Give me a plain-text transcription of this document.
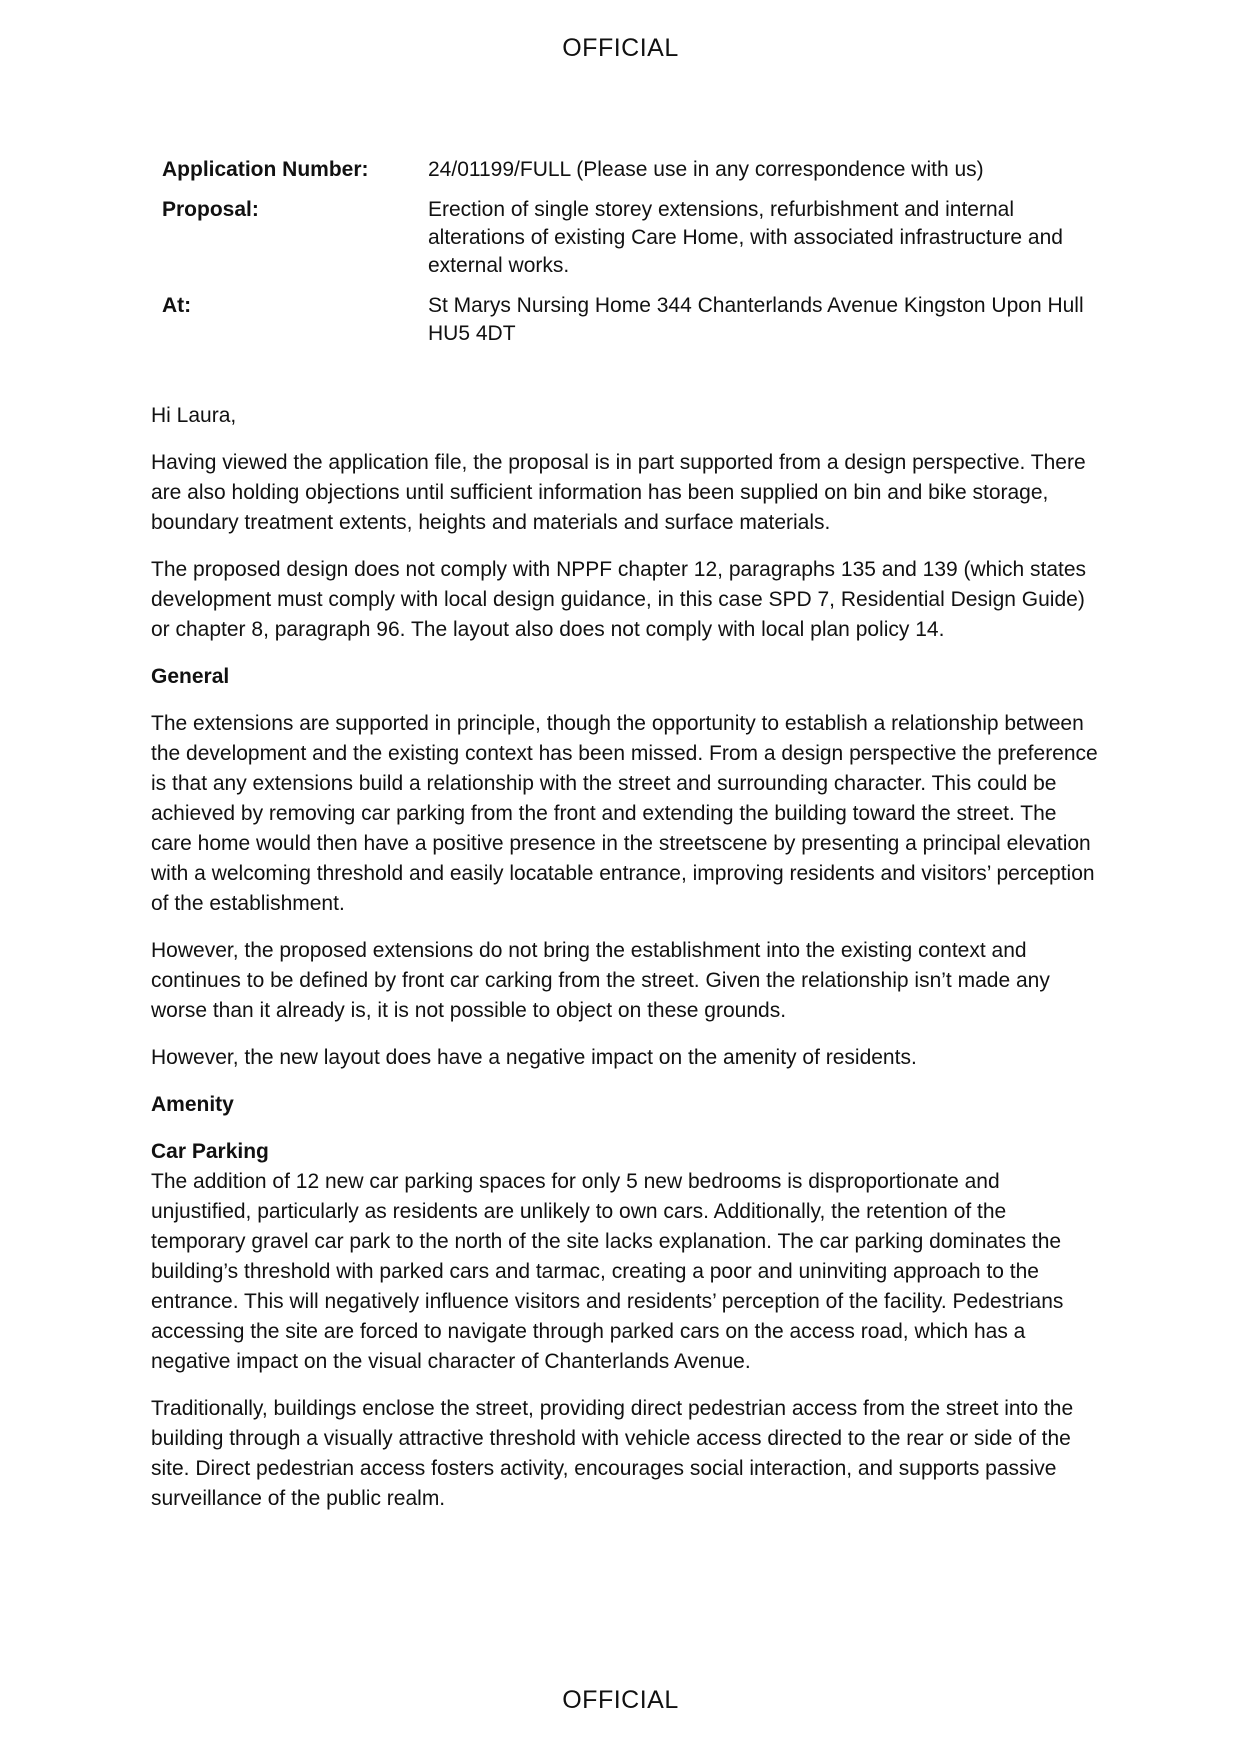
OFFICIAL
Application Number:	24/01199/FULL (Please use in any correspondence with us)
Proposal:	Erection of single storey extensions, refurbishment and internal alterations of existing Care Home, with associated infrastructure and external works.
At:	St Marys Nursing Home 344 Chanterlands Avenue Kingston Upon Hull HU5 4DT

Hi Laura,

Having viewed the application file, the proposal is in part supported from a design perspective. There are also holding objections until sufficient information has been supplied on bin and bike storage, boundary treatment extents, heights and materials and surface materials.

The proposed design does not comply with NPPF chapter 12, paragraphs 135 and 139 (which states development must comply with local design guidance, in this case SPD 7, Residential Design Guide) or chapter 8, paragraph 96. The layout also does not comply with local plan policy 14.

General

The extensions are supported in principle, though the opportunity to establish a relationship between the development and the existing context has been missed. From a design perspective the preference is that any extensions build a relationship with the street and surrounding character. This could be achieved by removing car parking from the front and extending the building toward the street. The care home would then have a positive presence in the streetscene by presenting a principal elevation with a welcoming threshold and easily locatable entrance, improving residents and visitors’ perception of the establishment.

However, the proposed extensions do not bring the establishment into the existing context and continues to be defined by front car carking from the street. Given the relationship isn’t made any worse than it already is, it is not possible to object on these grounds.

However, the new layout does have a negative impact on the amenity of residents.

Amenity

Car Parking

The addition of 12 new car parking spaces for only 5 new bedrooms is disproportionate and unjustified, particularly as residents are unlikely to own cars. Additionally, the retention of the temporary gravel car park to the north of the site lacks explanation. The car parking dominates the building’s threshold with parked cars and tarmac, creating a poor and uninviting approach to the entrance. This will negatively influence visitors and residents’ perception of the facility. Pedestrians accessing the site are forced to navigate through parked cars on the access road, which has a negative impact on the visual character of Chanterlands Avenue.

Traditionally, buildings enclose the street, providing direct pedestrian access from the street into the building through a visually attractive threshold with vehicle access directed to the rear or side of the site. Direct pedestrian access fosters activity, encourages social interaction, and supports passive surveillance of the public realm.

OFFICIAL
